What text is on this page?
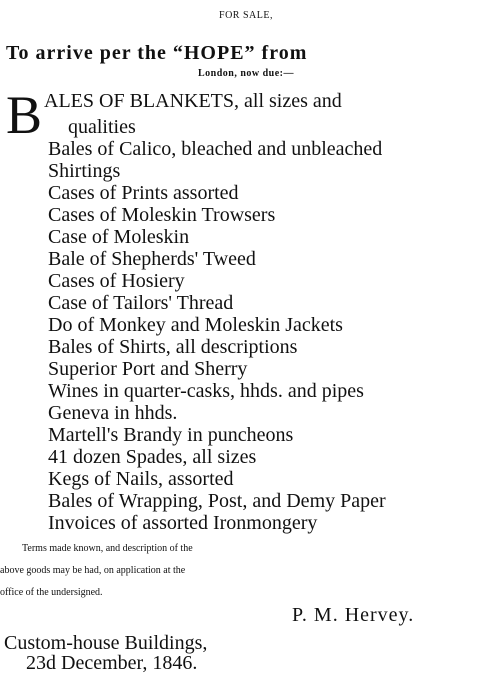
FOR SALE,
To arrive per the “HOPE” from
London, now due:—
B ALES OF BLANKETS, all sizes and
qualities
Bales of Calico, bleached and unbleached
Shirtings
Cases of Prints assorted
Cases of Moleskin Trowsers
Case of Moleskin
Bale of Shepherds' Tweed
Cases of Hosiery
Case of Tailors' Thread
Do of Monkey and Moleskin Jackets
Bales of Shirts, all descriptions
Superior Port and Sherry
Wines in quarter-casks, hhds. and pipes
Geneva in hhds.
Martell's Brandy in puncheons
41 dozen Spades, all sizes
Kegs of Nails, assorted
Bales of Wrapping, Post, and Demy Paper
Invoices of assorted Ironmongery
Terms made known, and description of the
above goods may be had, on application at the
office of the undersigned.
P. M. Hervey.
Custom-house Buildings,
23d December, 1846.
